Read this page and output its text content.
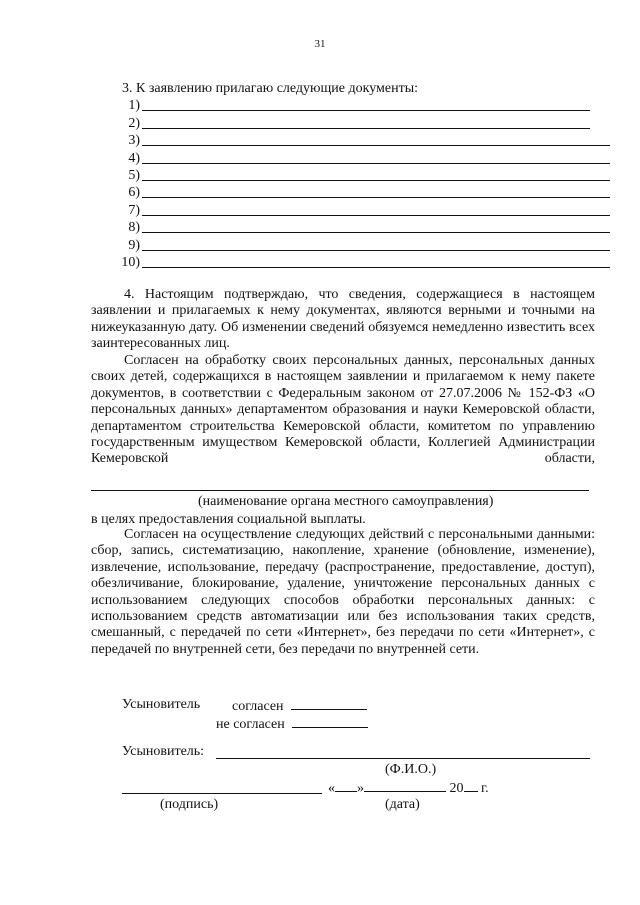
31
3. К заявлению прилагаю следующие документы:
1)
2)
3)
4)
5)
6)
7)
8)
9)
10)
4. Настоящим подтверждаю, что сведения, содержащиеся в настоящем заявлении и прилагаемых к нему документах, являются верными и точными на нижеуказанную дату. Об изменении сведений обязуемся немедленно известить всех заинтересованных лиц.
Согласен на обработку своих персональных данных, персональных данных своих детей, содержащихся в настоящем заявлении и прилагаемом к нему пакете документов, в соответствии с Федеральным законом от 27.07.2006 № 152-ФЗ «О персональных данных» департаментом образования и науки Кемеровской области, департаментом строительства Кемеровской области, комитетом по управлению государственным имуществом Кемеровской области, Коллегией Администрации Кемеровской области,
(наименование органа местного самоуправления)
в целях предоставления социальной выплаты.
Согласен на осуществление следующих действий с персональными данными: сбор, запись, систематизацию, накопление, хранение (обновление, изменение), извлечение, использование, передачу (распространение, предоставление, доступ), обезличивание, блокирование, удаление, уничтожение персональных данных с использованием следующих способов обработки персональных данных: с использованием средств автоматизации или без использования таких средств, смешанный, с передачей по сети «Интернет», без передачи по сети «Интернет», с передачей по внутренней сети, без передачи по внутренней сети.
Усыновитель согласен
не согласен
Усыновитель:
(Ф.И.О.)
« »	20 г.
(подпись)	(дата)
